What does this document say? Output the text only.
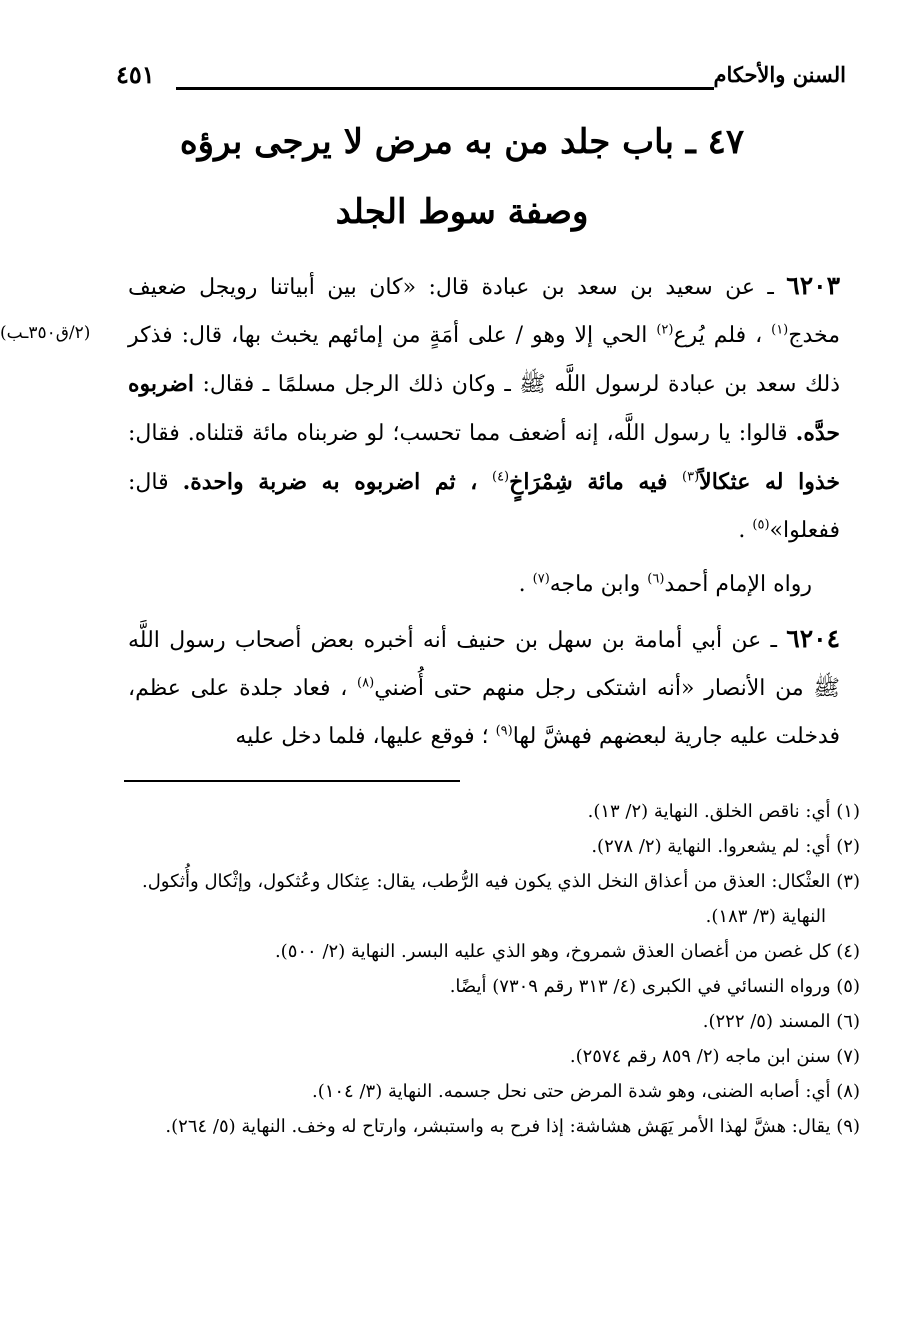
السنن والأحكام
٤٥١
٤٧ ـ باب جلد من به مرض لا يرجى برؤه
وصفة سوط الجلد
(٢/ق٣٥٠ـب)

٦٢٠٣ ـ عن سعيد بن سعد بن عبادة قال: «كان بين أبياتنا رويجل ضعيف مخدج$^{(١)}$ ، فلم يُرع$^{(٢)}$ الحي إلا وهو / على أمَةٍ من إمائهم يخبث بها، قال: فذكر ذلك سعد بن عبادة لرسول اللَّه ﷺ ـ وكان ذلك الرجل مسلمًا ـ فقال: اضربوه حدَّه. قالوا: يا رسول اللَّه، إنه أضعف مما تحسب؛ لو ضربناه مائة قتلناه. فقال: خذوا له عثكالاً$^{(٣)}$ فيه مائة شِمْرَاخٍ$^{(٤)}$ ، ثم اضربوه به ضربة واحدة. قال: ففعلوا»$^{(٥)}$ .

رواه الإمام أحمد$^{(٦)}$ وابن ماجه$^{(٧)}$ .

٦٢٠٤ ـ عن أبي أمامة بن سهل بن حنيف أنه أخبره بعض أصحاب رسول اللَّه ﷺ من الأنصار «أنه اشتكى رجل منهم حتى أُضني$^{(٨)}$ ، فعاد جلدة على عظم، فدخلت عليه جارية لبعضهم فهشَّ لها$^{(٩)}$ ؛ فوقع عليها، فلما دخل عليه

(١) أي: ناقص الخلق. النهاية (٢/ ١٣).

(٢) أي: لم يشعروا. النهاية (٢/ ٢٧٨).

(٣) العثْكال: العذق من أعذاق النخل الذي يكون فيه الرُّطب، يقال: عِثكال وعُثكول، وإثْكال وأُثكول. النهاية (٣/ ١٨٣).

(٤) كل غصن من أغصان العذق شمروخ، وهو الذي عليه البسر. النهاية (٢/ ٥٠٠).

(٥) ورواه النسائي في الكبرى (٤/ ٣١٣ رقم ٧٣٠٩) أيضًا.

(٦) المسند (٥/ ٢٢٢).

(٧) سنن ابن ماجه (٢/ ٨٥٩ رقم ٢٥٧٤).

(٨) أي: أصابه الضنى، وهو شدة المرض حتى نحل جسمه. النهاية (٣/ ١٠٤).

(٩) يقال: هشَّ لهذا الأمر يَهَش هشاشة: إذا فرح به واستبشر، وارتاح له وخف. النهاية (٥/ ٢٦٤).
